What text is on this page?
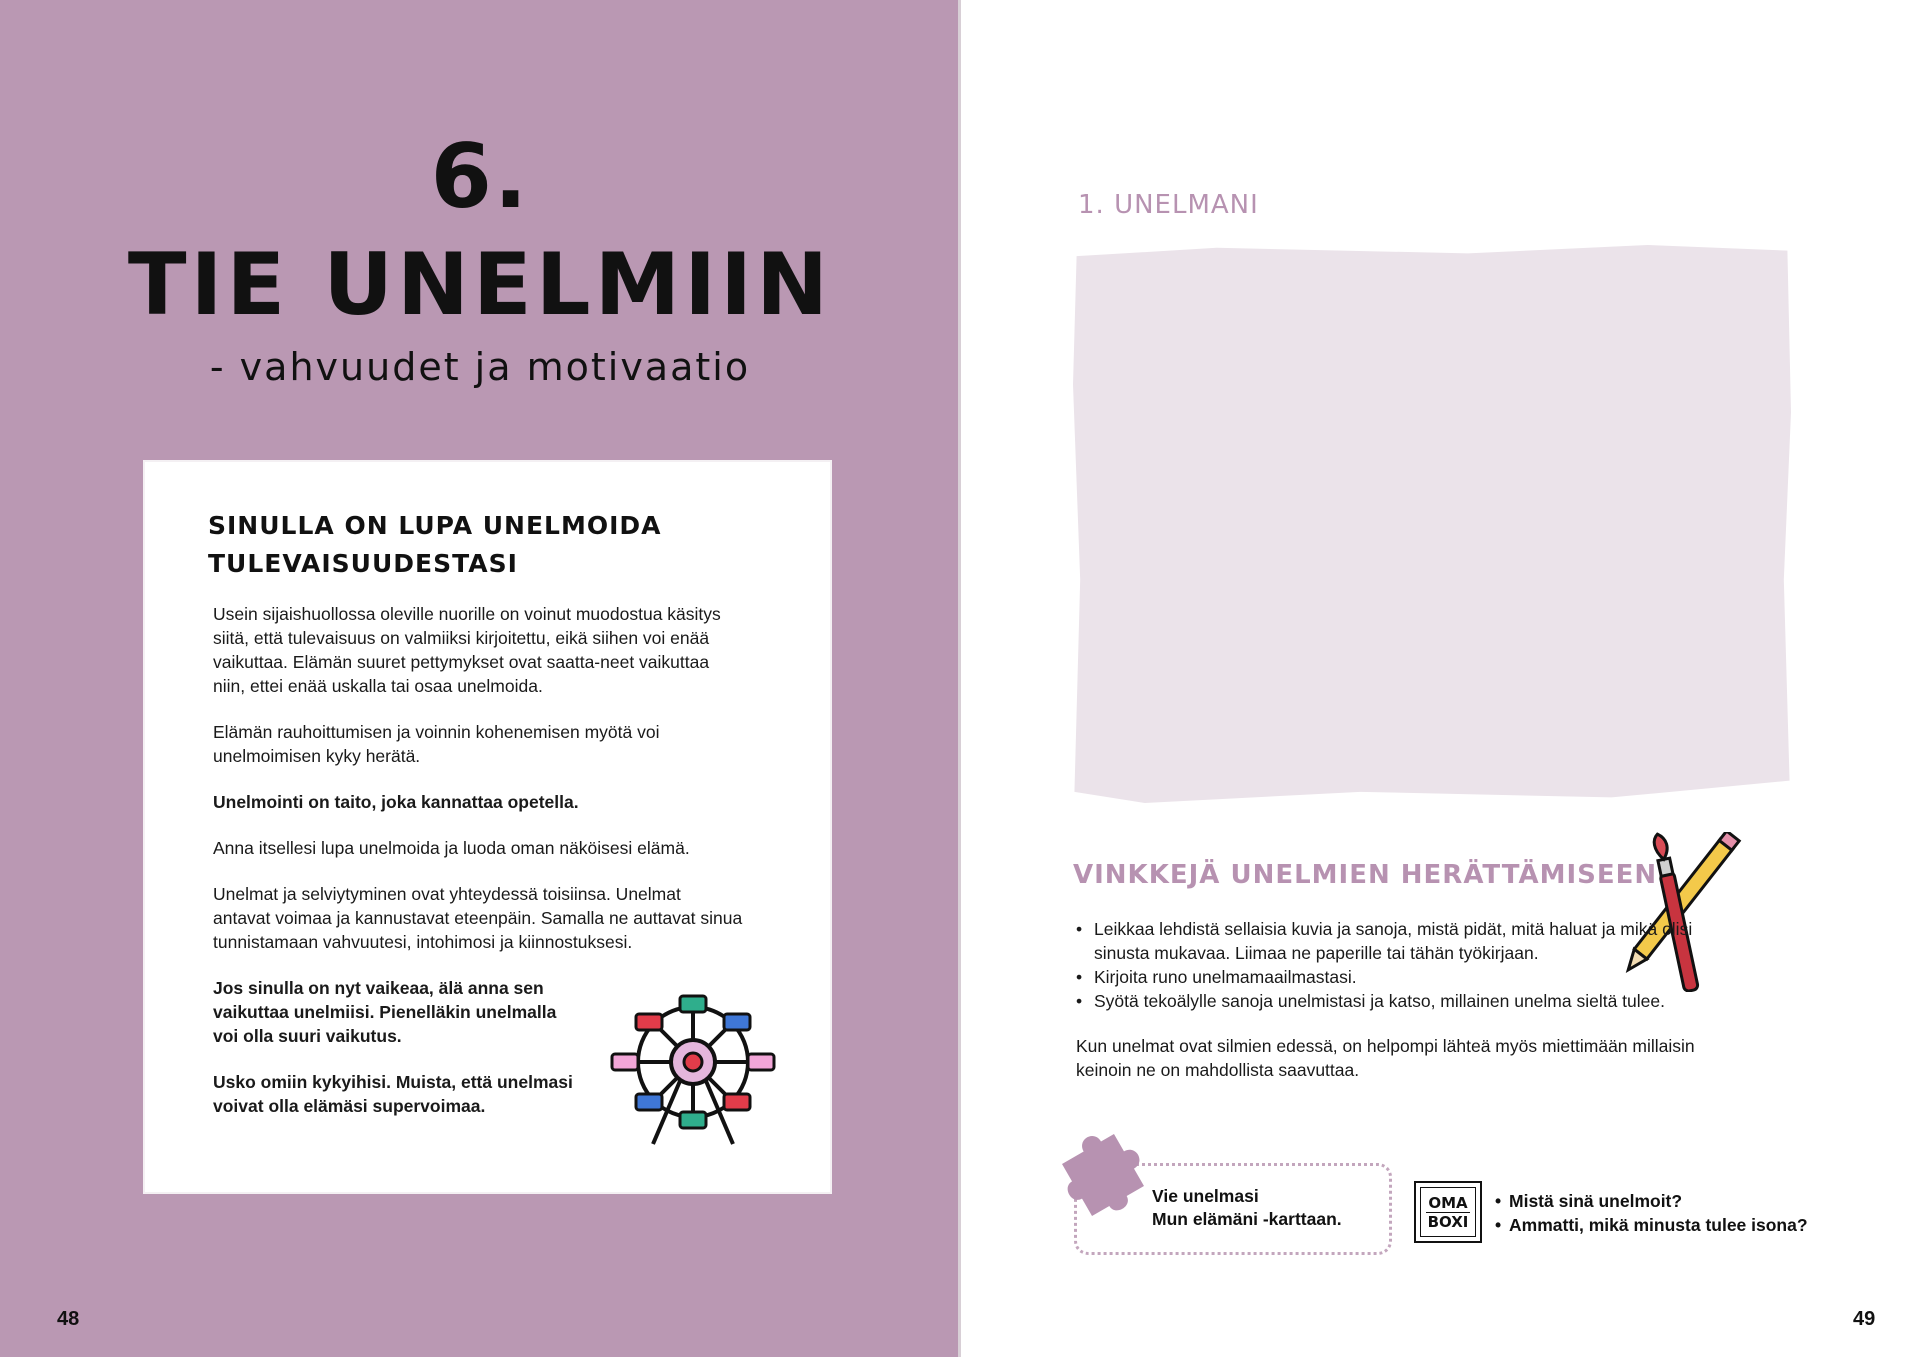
6.
TIE UNELMIIN
- vahvuudet ja motivaatio
SINULLA ON LUPA UNELMOIDA
TULEVAISUUDESTASI

Usein sijaishuollossa oleville nuorille on voinut muodostua käsitys siitä, että tulevaisuus on valmiiksi kirjoitettu, eikä siihen voi enää vaikuttaa. Elämän suuret pettymykset ovat saatta-neet vaikuttaa niin, ettei enää uskalla tai osaa unelmoida.

Elämän rauhoittumisen ja voinnin kohenemisen myötä voi unelmoimisen kyky herätä.

Unelmointi on taito, joka kannattaa opetella.

Anna itsellesi lupa unelmoida ja luoda oman näköisesi elämä.

Unelmat ja selviytyminen ovat yhteydessä toisiinsa. Unelmat antavat voimaa ja kannustavat eteenpäin. Samalla ne auttavat sinua tunnistamaan vahvuutesi, intohimosi ja kiinnostuksesi.

Jos sinulla on nyt vaikeaa, älä anna sen vaikuttaa unelmiisi. Pienelläkin unelmalla voi olla suuri vaikutus.

Usko omiin kykyihisi. Muista, että unelmasi voivat olla elämäsi supervoimaa.

48
1. UNELMANI
VINKKEJÄ UNELMIEN HERÄTTÄMISEEN
• Leikkaa lehdistä sellaisia kuvia ja sanoja, mistä pidät, mitä haluat ja mikä olisi sinusta mukavaa. Liimaa ne paperille tai tähän työkirjaan.
• Kirjoita runo unelmamaailmastasi.
• Syötä tekoälylle sanoja unelmistasi ja katso, millainen unelma sieltä tulee.
Kun unelmat ovat silmien edessä, on helpompi lähteä myös miettimään millaisin keinoin ne on mahdollista saavuttaa.
Vie unelmasi
Mun elämäni -karttaan.
OMA
BOXI
• Mistä sinä unelmoit?
• Ammatti, mikä minusta tulee isona?
49
